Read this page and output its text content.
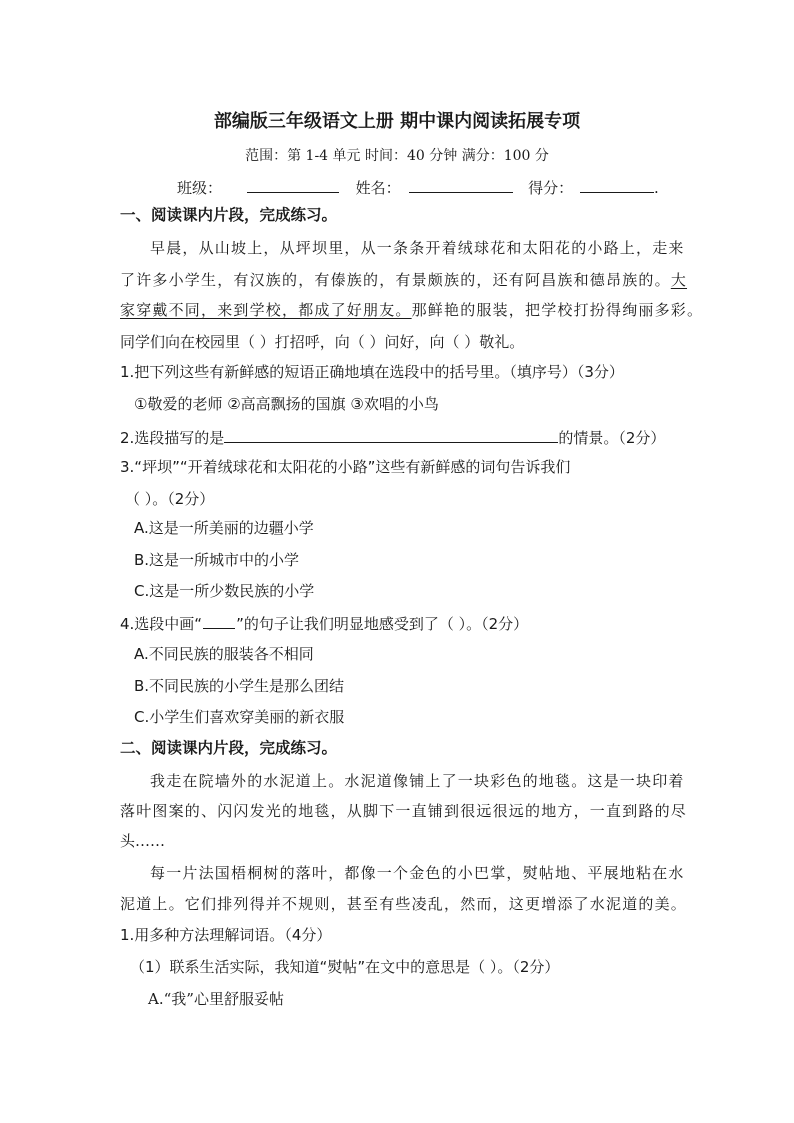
部编版三年级语文上册 期中课内阅读拓展专项
范围：第 1-4 单元 时间：40 分钟 满分：100 分
班级：	姓名：	得分：	.
一、阅读课内片段，完成练习。
早晨，从山坡上，从坪坝里，从一条条开着绒球花和太阳花的小路上，走来
了许多小学生，有汉族的，有傣族的，有景颇族的，还有阿昌族和德昂族的。大
家穿戴不同，来到学校，都成了好朋友。那鲜艳的服装，把学校打扮得绚丽多彩。
同学们向在校园里（ ）打招呼，向（ ）问好，向（ ）敬礼。
1.把下列这些有新鲜感的短语正确地填在选段中的括号里。（填序号）（3分）
①敬爱的老师 ②高高飘扬的国旗 ③欢唱的小鸟
2.选段描写的是	的情景。（2分）
3.“坪坝”“开着绒球花和太阳花的小路”这些有新鲜感的词句告诉我们
（ ）。（2分）
A.这是一所美丽的边疆小学
B.这是一所城市中的小学
C.这是一所少数民族的小学
4.选段中画“ ”的句子让我们明显地感受到了（ ）。（2分）
A.不同民族的服装各不相同
B.不同民族的小学生是那么团结
C.小学生们喜欢穿美丽的新衣服
二、阅读课内片段，完成练习。
我走在院墙外的水泥道上。水泥道像铺上了一块彩色的地毯。这是一块印着
落叶图案的、闪闪发光的地毯，从脚下一直铺到很远很远的地方，一直到路的尽
头……
每一片法国梧桐树的落叶，都像一个金色的小巴掌，熨帖地、平展地粘在水
泥道上。它们排列得并不规则，甚至有些凌乱，然而，这更增添了水泥道的美。
1.用多种方法理解词语。（4分）
（1）联系生活实际，我知道“熨帖”在文中的意思是（ ）。（2分）
A.“我”心里舒服妥帖
